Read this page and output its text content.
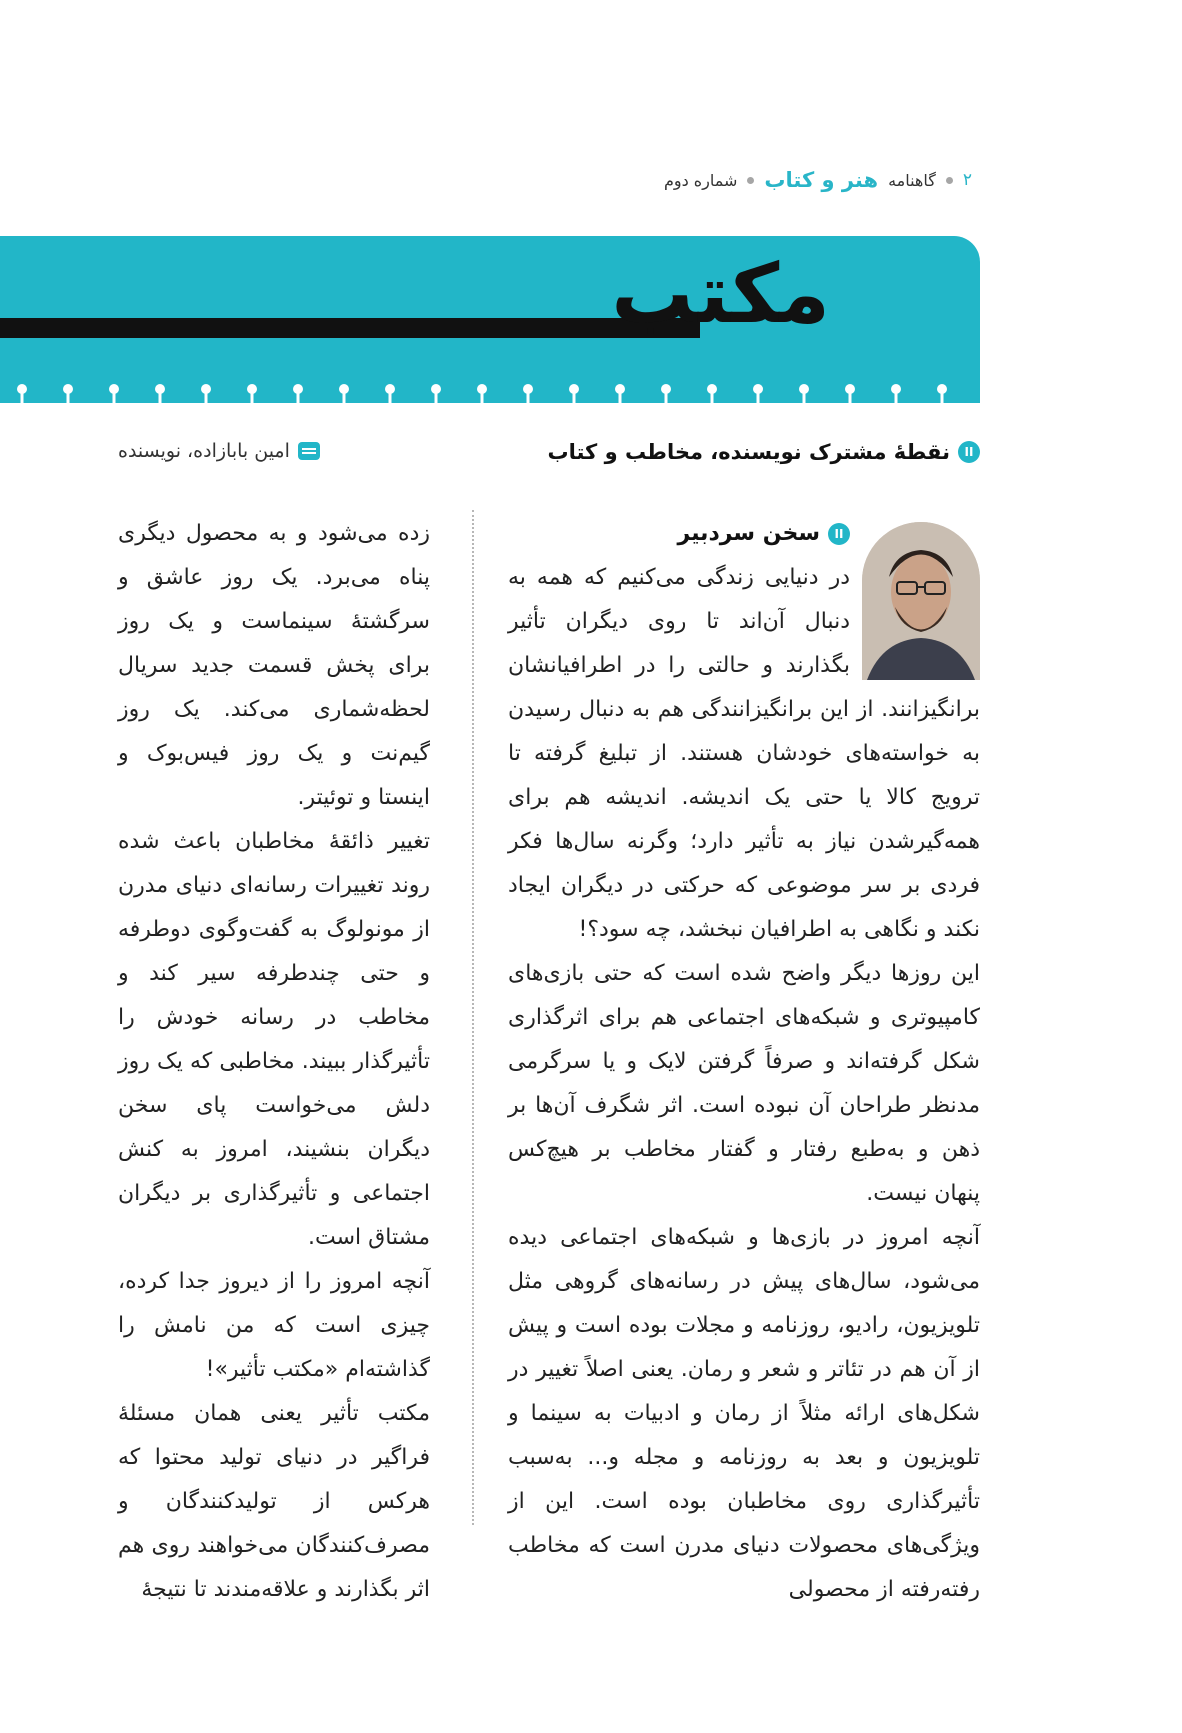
۲
گاهنامه
هنر و کتاب
شماره دوم
مکتب
II
نقطهٔ مشترک نویسنده، مخاطب و کتاب
امین بابازاده، نویسنده
II
سخن سردبیر

در دنیایی زندگی می‌کنیم که همه به دنبال آن‌اند تا روی دیگران تأثیر بگذارند و حالتی را در اطرافیانشان برانگیزانند. از این برانگیزانندگی هم به دنبال رسیدن به خواسته‌های خودشان هستند. از تبلیغ گرفته تا ترویج کالا یا حتی یک اندیشه. اندیشه هم برای همه‌گیرشدن نیاز به تأثیر دارد؛ وگرنه سال‌ها فکر فردی بر سر موضوعی که حرکتی در دیگران ایجاد نکند و نگاهی به اطرافیان نبخشد، چه سود؟!

این روزها دیگر واضح شده است که حتی بازی‌های کامپیوتری و شبکه‌های اجتماعی هم برای اثرگذاری شکل گرفته‌اند و صرفاً گرفتن لایک و یا سرگرمی مدنظر طراحان آن نبوده است. اثر شگرف آن‌ها بر ذهن و به‌طبع رفتار و گفتار مخاطب بر هیچ‌کس پنهان نیست.

آنچه امروز در بازی‌ها و شبکه‌های اجتماعی دیده می‌شود، سال‌های پیش در رسانه‌های گروهی مثل تلویزیون، رادیو، روزنامه و مجلات بوده است و پیش از آن هم در تئاتر و شعر و رمان. یعنی اصلاً تغییر در شکل‌های ارائه مثلاً از رمان و ادبیات به سینما و تلویزیون و بعد به روزنامه و مجله و... به‌سبب تأثیرگذاری روی مخاطبان بوده است. این از ویژگی‌های محصولات دنیای مدرن است که مخاطب رفته‌رفته از محصولی

زده می‌شود و به محصول دیگری پناه می‌برد. یک روز عاشق و سرگشتهٔ سینماست و یک روز برای پخش قسمت جدید سریال لحظه‌شماری می‌کند. یک روز گیم‌نت و یک روز فیس‌بوک و اینستا و توئیتر.

تغییر ذائقهٔ مخاطبان باعث شده روند تغییرات رسانه‌ای دنیای مدرن از مونولوگ به گفت‌وگوی دوطرفه و حتی چندطرفه سیر کند و مخاطب در رسانه خودش را تأثیرگذار ببیند. مخاطبی که یک روز دلش می‌خواست پای سخن دیگران بنشیند، امروز به کنش اجتماعی و تأثیرگذاری بر دیگران مشتاق است.

آنچه امروز را از دیروز جدا کرده، چیزی است که من نامش را گذاشته‌ام «مکتب تأثیر»!

مکتب تأثیر یعنی همان مسئلهٔ فراگیر در دنیای تولید محتوا که هرکس از تولیدکنندگان و مصرف‌کنندگان می‌خواهند روی هم اثر بگذارند و علاقه‌مندند تا نتیجهٔ
